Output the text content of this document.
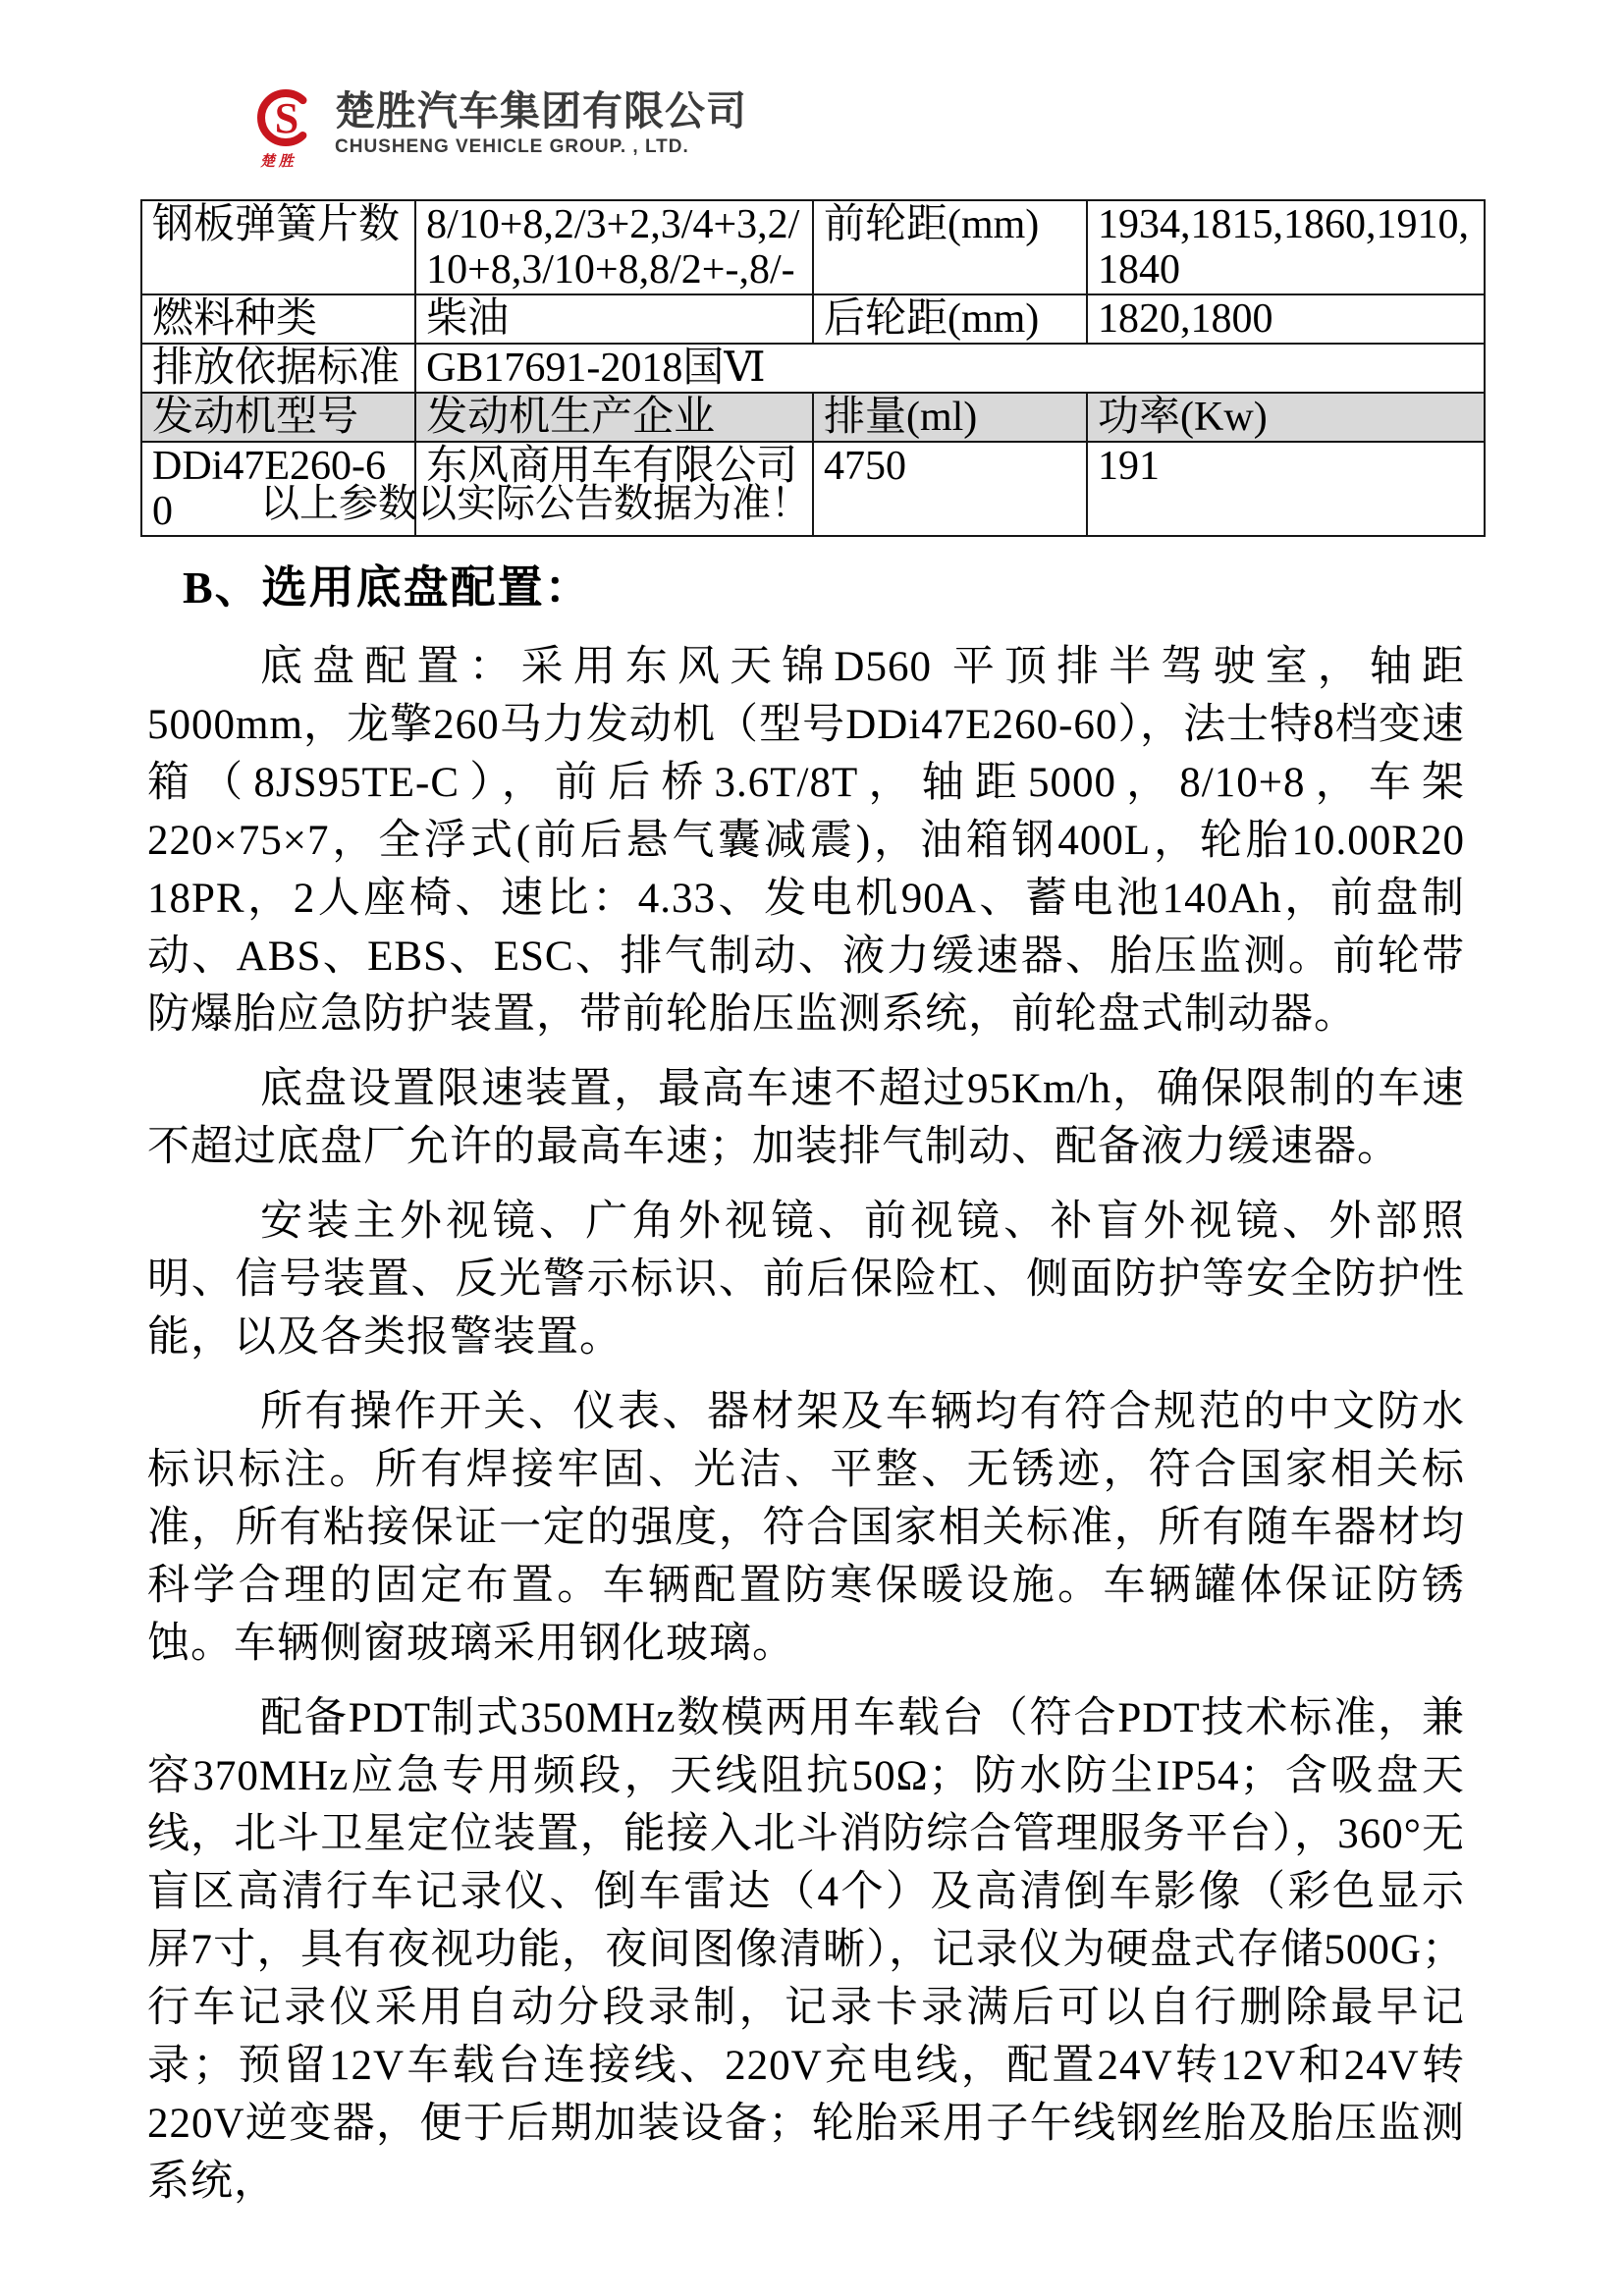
S
楚 胜
楚胜汽车集团有限公司
CHUSHENG VEHICLE GROUP. , LTD.
钢板弹簧片数	8/10+8,2/3+2,3/4+3,2/10+8,3/10+8,8/2+-,8/-	前轮距(mm)	1934,1815,1860,1910,1840
燃料种类	柴油	后轮距(mm)	1820,1800
排放依据标准	GB17691-2018国Ⅵ		
发动机型号	发动机生产企业	排量(ml)	功率(Kw)
DDi47E260-60	东风商用车有限公司	4750	191

以上参数以实际公告数据为准！

B、选用底盘配置：

底盘配置：采用东风天锦D560 平顶排半驾驶室，轴距5000mm，龙擎260马力发动机（型号DDi47E260-60），法士特8档变速箱（8JS95TE-C），前后桥3.6T/8T，轴距5000，8/10+8，车架220×75×7，全浮式(前后悬气囊减震)，油箱钢400L，轮胎10.00R20 18PR，2人座椅、速比：4.33、发电机90A、蓄电池140Ah，前盘制动、ABS、EBS、ESC、排气制动、液力缓速器、胎压监测。前轮带防爆胎应急防护装置，带前轮胎压监测系统，前轮盘式制动器。

底盘设置限速装置，最高车速不超过95Km/h，确保限制的车速不超过底盘厂允许的最高车速；加装排气制动、配备液力缓速器。

安装主外视镜、广角外视镜、前视镜、补盲外视镜、外部照明、信号装置、反光警示标识、前后保险杠、侧面防护等安全防护性能，以及各类报警装置。

所有操作开关、仪表、器材架及车辆均有符合规范的中文防水标识标注。所有焊接牢固、光洁、平整、无锈迹，符合国家相关标准，所有粘接保证一定的强度，符合国家相关标准，所有随车器材均科学合理的固定布置。车辆配置防寒保暖设施。车辆罐体保证防锈蚀。车辆侧窗玻璃采用钢化玻璃。

配备PDT制式350MHz数模两用车载台（符合PDT技术标准，兼容370MHz应急专用频段，天线阻抗50Ω；防水防尘IP54；含吸盘天线，北斗卫星定位装置，能接入北斗消防综合管理服务平台），360°无盲区高清行车记录仪、倒车雷达（4个）及高清倒车影像（彩色显示屏7寸，具有夜视功能，夜间图像清晰），记录仪为硬盘式存储500G；行车记录仪采用自动分段录制，记录卡录满后可以自行删除最早记录；预留12V车载台连接线、220V充电线，配置24V转12V和24V转220V逆变器，便于后期加装设备；轮胎采用子午线钢丝胎及胎压监测系统，
